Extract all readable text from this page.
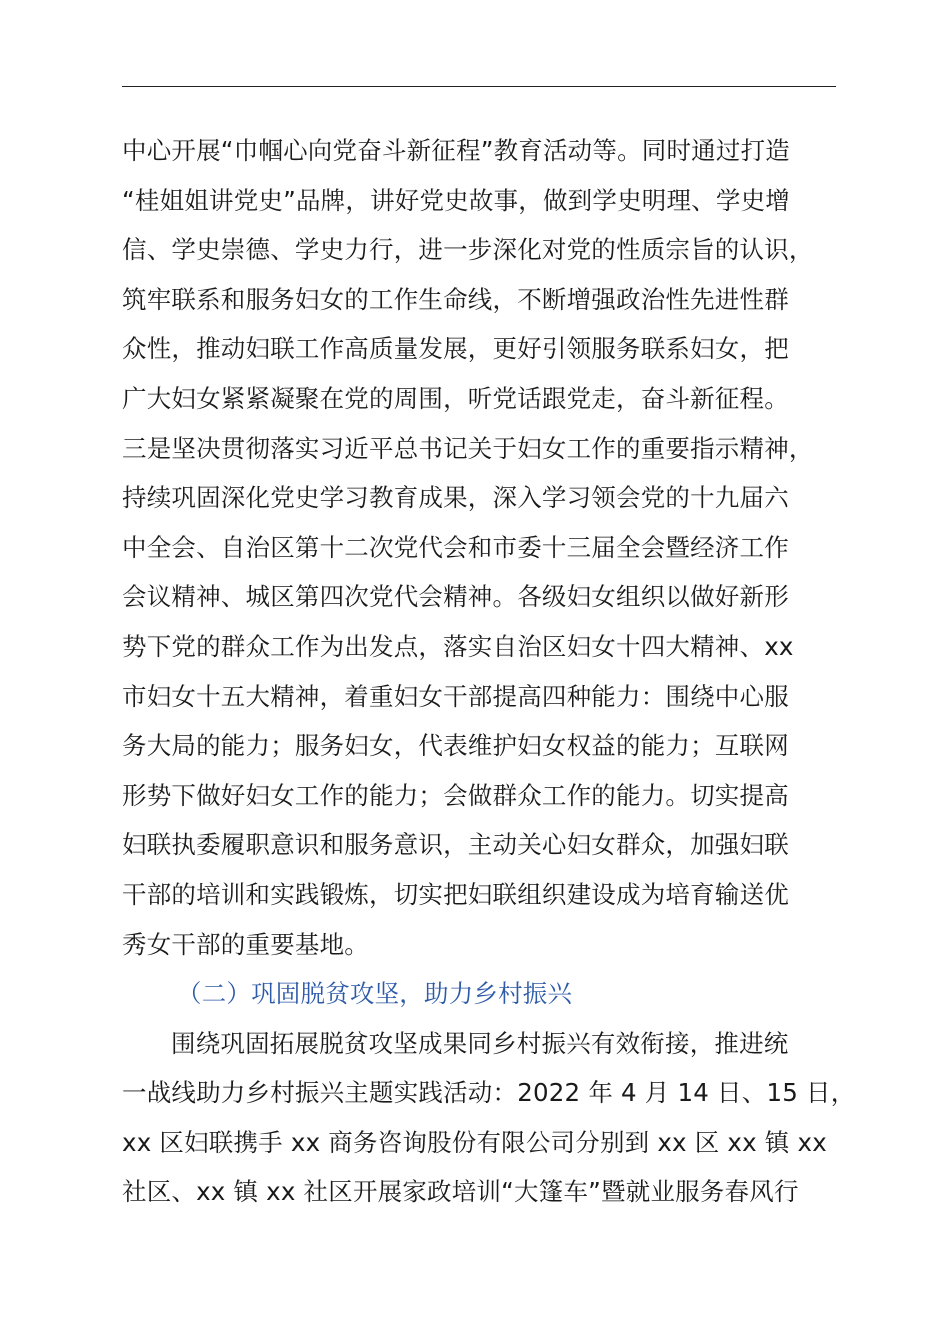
中心开展“巾帼心向党奋斗新征程”教育活动等。同时通过打造
“桂姐姐讲党史”品牌，讲好党史故事，做到学史明理、学史增
信、学史崇德、学史力行，进一步深化对党的性质宗旨的认识，
筑牢联系和服务妇女的工作生命线，不断增强政治性先进性群
众性，推动妇联工作高质量发展，更好引领服务联系妇女，把
广大妇女紧紧凝聚在党的周围，听党话跟党走，奋斗新征程。
三是坚决贯彻落实习近平总书记关于妇女工作的重要指示精神，
持续巩固深化党史学习教育成果，深入学习领会党的十九届六
中全会、自治区第十二次党代会和市委十三届全会暨经济工作
会议精神、城区第四次党代会精神。各级妇女组织以做好新形
势下党的群众工作为出发点，落实自治区妇女十四大精神、xx
市妇女十五大精神，着重妇女干部提高四种能力：围绕中心服
务大局的能力；服务妇女，代表维护妇女权益的能力；互联网
形势下做好妇女工作的能力；会做群众工作的能力。切实提高
妇联执委履职意识和服务意识，主动关心妇女群众，加强妇联
干部的培训和实践锻炼，切实把妇联组织建设成为培育输送优
秀女干部的重要基地。
（二）巩固脱贫攻坚，助力乡村振兴
围绕巩固拓展脱贫攻坚成果同乡村振兴有效衔接，推进统
一战线助力乡村振兴主题实践活动：2022 年 4 月 14 日、15 日，
xx 区妇联携手 xx 商务咨询股份有限公司分别到 xx 区 xx 镇 xx
社区、xx 镇 xx 社区开展家政培训“大篷车”暨就业服务春风行
